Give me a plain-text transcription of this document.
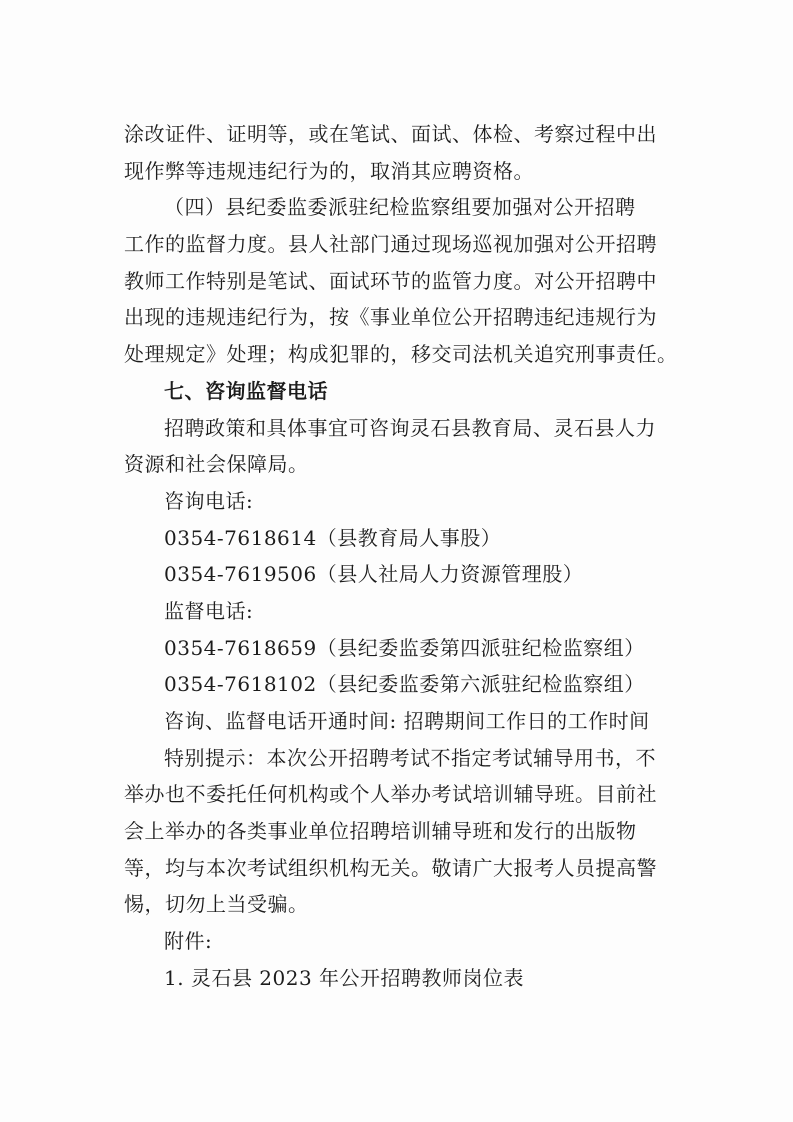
涂改证件、证明等，或在笔试、面试、体检、考察过程中出
现作弊等违规违纪行为的，取消其应聘资格。
（四）县纪委监委派驻纪检监察组要加强对公开招聘
工作的监督力度。县人社部门通过现场巡视加强对公开招聘
教师工作特别是笔试、面试环节的监管力度。对公开招聘中
出现的违规违纪行为，按《事业单位公开招聘违纪违规行为
处理规定》处理；构成犯罪的，移交司法机关追究刑事责任。
七、咨询监督电话
招聘政策和具体事宜可咨询灵石县教育局、灵石县人力
资源和社会保障局。
咨询电话:
0354-7618614（县教育局人事股）
0354-7619506（县人社局人力资源管理股）
监督电话:
0354-7618659（县纪委监委第四派驻纪检监察组）
0354-7618102（县纪委监委第六派驻纪检监察组）
咨询、监督电话开通时间: 招聘期间工作日的工作时间
特别提示：本次公开招聘考试不指定考试辅导用书，不
举办也不委托任何机构或个人举办考试培训辅导班。目前社
会上举办的各类事业单位招聘培训辅导班和发行的出版物
等，均与本次考试组织机构无关。敬请广大报考人员提高警
惕，切勿上当受骗。
附件:
1. 灵石县 2023 年公开招聘教师岗位表
